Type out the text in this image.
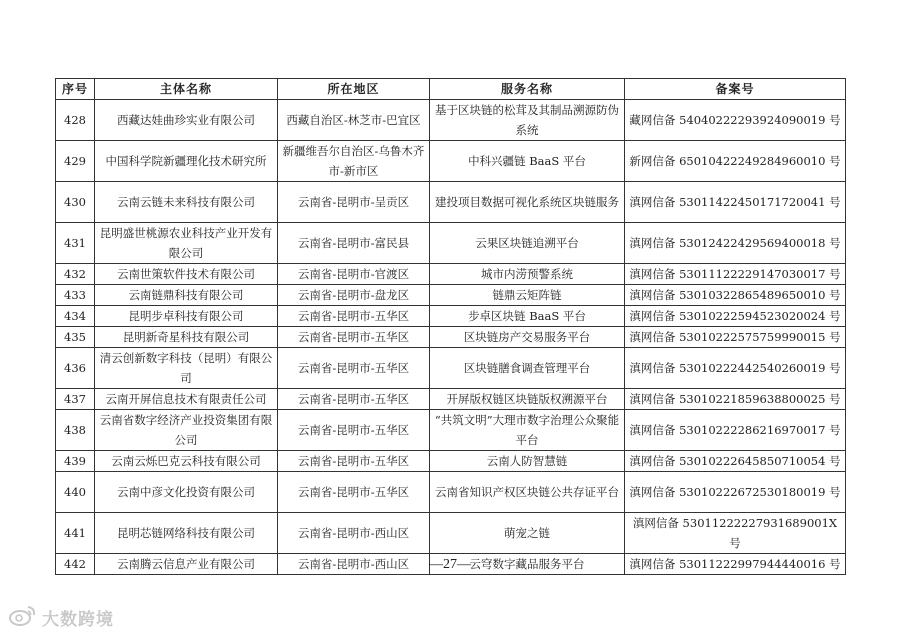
序号	主体名称	所在地区	服务名称	备案号
428	西藏达娃曲珍实业有限公司	西藏自治区-林芝市-巴宜区	基于区块链的松茸及其制品溯源防伪系统	藏网信备 54040222293924090019 号
429	中国科学院新疆理化技术研究所	新疆维吾尔自治区-乌鲁木齐市-新市区	中科兴疆链 BaaS 平台	新网信备 65010422249284960010 号
430	云南云链未来科技有限公司	云南省-昆明市-呈贡区	建投项目数据可视化系统区块链服务	滇网信备 53011422450171720041 号
431	昆明盛世桃源农业科技产业开发有限公司	云南省-昆明市-富民县	云果区块链追溯平台	滇网信备 53012422429569400018 号
432	云南世策软件技术有限公司	云南省-昆明市-官渡区	城市内涝预警系统	滇网信备 53011122229147030017 号
433	云南链鼎科技有限公司	云南省-昆明市-盘龙区	链鼎云矩阵链	滇网信备 53010322865489650010 号
434	昆明步卓科技有限公司	云南省-昆明市-五华区	步卓区块链 BaaS 平台	滇网信备 53010222594523020024 号
435	昆明新奇星科技有限公司	云南省-昆明市-五华区	区块链房产交易服务平台	滇网信备 53010222575759990015 号
436	清云创新数字科技（昆明）有限公司	云南省-昆明市-五华区	区块链膳食调查管理平台	滇网信备 53010222442540260019 号
437	云南开屏信息技术有限责任公司	云南省-昆明市-五华区	开屏版权链区块链版权溯源平台	滇网信备 53010221859638800025 号
438	云南省数字经济产业投资集团有限公司	云南省-昆明市-五华区	“共筑文明”大理市数字治理公众聚能平台	滇网信备 53010222286216970017 号
439	云南云烁巴克云科技有限公司	云南省-昆明市-五华区	云南人防智慧链	滇网信备 53010222645850710054 号
440	云南中彦文化投资有限公司	云南省-昆明市-五华区	云南省知识产权区块链公共存证平台	滇网信备 53010222672530180019 号
441	昆明芯链网络科技有限公司	云南省-昆明市-西山区	萌宠之链	滇网信备 53011222227931689001X 号
442	云南腾云信息产业有限公司	云南省-昆明市-西山区	云穹数字藏品服务平台	滇网信备 53011222997944440016 号
—27—
大数跨境
